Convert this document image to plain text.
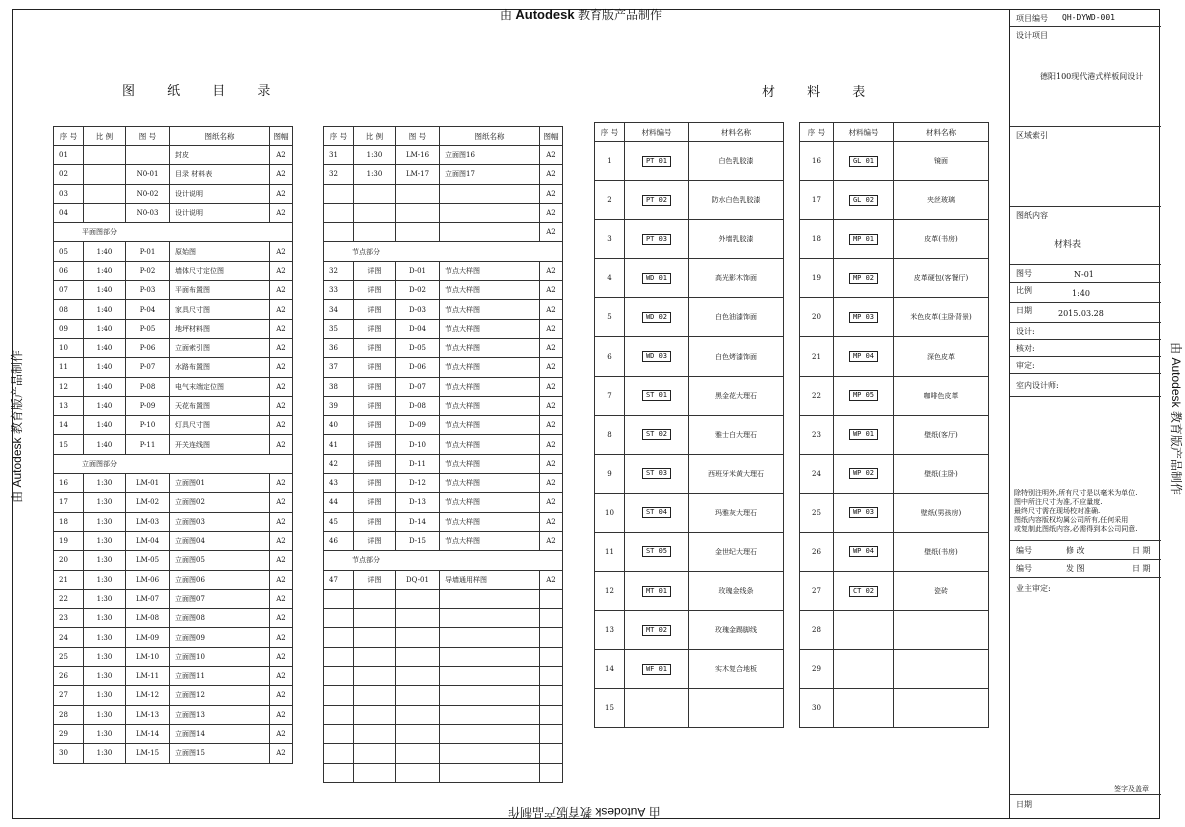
由 Autodesk 教育版产品制作
由 Autodesk 教育版产品制作
由 Autodesk 教育版产品制作	由 Autodesk 教育版产品制作
图 纸 目 录	材 料 表
序 号	比 例	图 号	图纸名称	图幅
01			封皮	A2
02		N0-01	目录 材料表	A2
03		N0-02	设计说明	A2
04		N0-03	设计说明	A2
平面图部分				
05	1:40	P-01	原始图	A2
06	1:40	P-02	墙体尺寸定位图	A2
07	1:40	P-03	平面布置图	A2
08	1:40	P-04	家具尺寸图	A2
09	1:40	P-05	地坪材料图	A2
10	1:40	P-06	立面索引图	A2
11	1:40	P-07	水路布置图	A2
12	1:40	P-08	电气末端定位图	A2
13	1:40	P-09	天花布置图	A2
14	1:40	P-10	灯具尺寸图	A2
15	1:40	P-11	开关连线图	A2
立面图部分				
16	1:30	LM-01	立面图01	A2
17	1:30	LM-02	立面图02	A2
18	1:30	LM-03	立面图03	A2
19	1:30	LM-04	立面图04	A2
20	1:30	LM-05	立面图05	A2
21	1:30	LM-06	立面图06	A2
22	1:30	LM-07	立面图07	A2
23	1:30	LM-08	立面图08	A2
24	1:30	LM-09	立面图09	A2
25	1:30	LM-10	立面图10	A2
26	1:30	LM-11	立面图11	A2
27	1:30	LM-12	立面图12	A2
28	1:30	LM-13	立面图13	A2
29	1:30	LM-14	立面图14	A2
30	1:30	LM-15	立面图15	A2
序 号	比 例	图 号	图纸名称	图幅
31	1:30	LM-16	立面图16	A2
32	1:30	LM-17	立面图17	A2
				A2
				A2
				A2
节点部分				
32	详图	D-01	节点大样图	A2
33	详图	D-02	节点大样图	A2
34	详图	D-03	节点大样图	A2
35	详图	D-04	节点大样图	A2
36	详图	D-05	节点大样图	A2
37	详图	D-06	节点大样图	A2
38	详图	D-07	节点大样图	A2
39	详图	D-08	节点大样图	A2
40	详图	D-09	节点大样图	A2
41	详图	D-10	节点大样图	A2
42	详图	D-11	节点大样图	A2
43	详图	D-12	节点大样图	A2
44	详图	D-13	节点大样图	A2
45	详图	D-14	节点大样图	A2
46	详图	D-15	节点大样图	A2
节点部分				
47	详图	DQ-01	导墙通用样图	A2

序 号	材料编号	材料名称
1	PT 01	白色乳胶漆
2	PT 02	防水白色乳胶漆
3	PT 03	外墙乳胶漆
4	WD 01	高光影木饰面
5	WD 02	白色油漆饰面
6	WD 03	白色烤漆饰面
7	ST 01	黑金花大理石
8	ST 02	雅士白大理石
9	ST 03	西班牙米黄大理石
10	ST 04	玛雅灰大理石
11	ST 05	金世纪大理石
12	MT 01	玫瑰金线条
13	MT 02	玫瑰金踢脚线
14	WF 01	实木复合地板
15		
序 号	材料编号	材料名称
16	GL 01	镜面
17	GL 02	夹丝玻璃
18	MP 01	皮革(书房)
19	MP 02	皮革硬包(客餐厅)
20	MP 03	米色皮革(主卧背景)
21	MP 04	深色皮革
22	MP 05	咖啡色皮革
23	WP 01	壁纸(客厅)
24	WP 02	壁纸(主卧)
25	WP 03	壁纸(男孩房)
26	WP 04	壁纸(书房)
27	CT 02	瓷砖
28		
29		
30		
项目编号 QH-DYWD-001
设计项目
德阳100现代港式样板间设计
区域索引
图纸内容
材料表
图号	N-01
比例	1:40
日期	2015.03.28
设计:
核对:
审定:
室内设计师:
除特别注明外,所有尺寸是以毫米为单位.
图中所注尺寸为准,不应量度.
最终尺寸需在现场校对准确.
图纸内容版权均属公司所有,任何采用
或复制此图纸内容,必需得到本公司同意.
编号	修 改	日 期
编号	发 图	日 期
业主审定:
签字及盖章
日期
